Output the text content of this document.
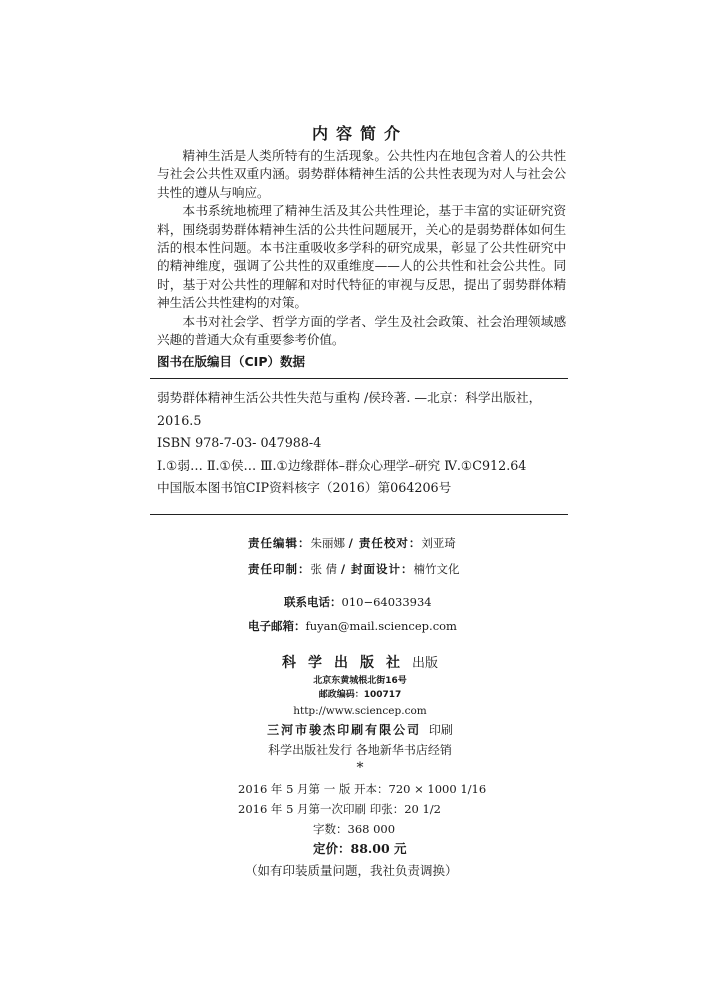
内容简介

精神生活是人类所特有的生活现象。公共性内在地包含着人的公共性与社会公共性双重内涵。弱势群体精神生活的公共性表现为对人与社会公共性的遵从与响应。

本书系统地梳理了精神生活及其公共性理论，基于丰富的实证研究资料，围绕弱势群体精神生活的公共性问题展开，关心的是弱势群体如何生活的根本性问题。本书注重吸收多学科的研究成果，彰显了公共性研究中的精神维度，强调了公共性的双重维度——人的公共性和社会公共性。同时，基于对公共性的理解和对时代特征的审视与反思，提出了弱势群体精神生活公共性建构的对策。

本书对社会学、哲学方面的学者、学生及社会政策、社会治理领域感兴趣的普通大众有重要参考价值。

图书在版编目（CIP）数据
弱势群体精神生活公共性失范与重构 /侯玲著. —北京：科学出版社，
2016.5
ISBN 978-7-03- 047988-4
Ⅰ.①弱… Ⅱ.①侯… Ⅲ.①边缘群体–群众心理学–研究 Ⅳ.①C912.64
中国版本图书馆CIP资料核字（2016）第064206号
责任编辑：朱丽娜 / 责任校对：刘亚琦
责任印制：张 倩 / 封面设计：楠竹文化
联系电话：010−64033934
电子邮箱：fuyan@mail.sciencep.com
科学出版社出版
北京东黄城根北街16号
邮政编码：100717
http://www.sciencep.com
三河市骏杰印刷有限公司 印刷
科学出版社发行 各地新华书店经销
*
2016 年 5 月第 一 版 开本：720 × 1000 1/16
2016 年 5 月第一次印刷 印张：20 1/2
字数：368 000
定价：88.00 元
（如有印装质量问题，我社负责调换）
